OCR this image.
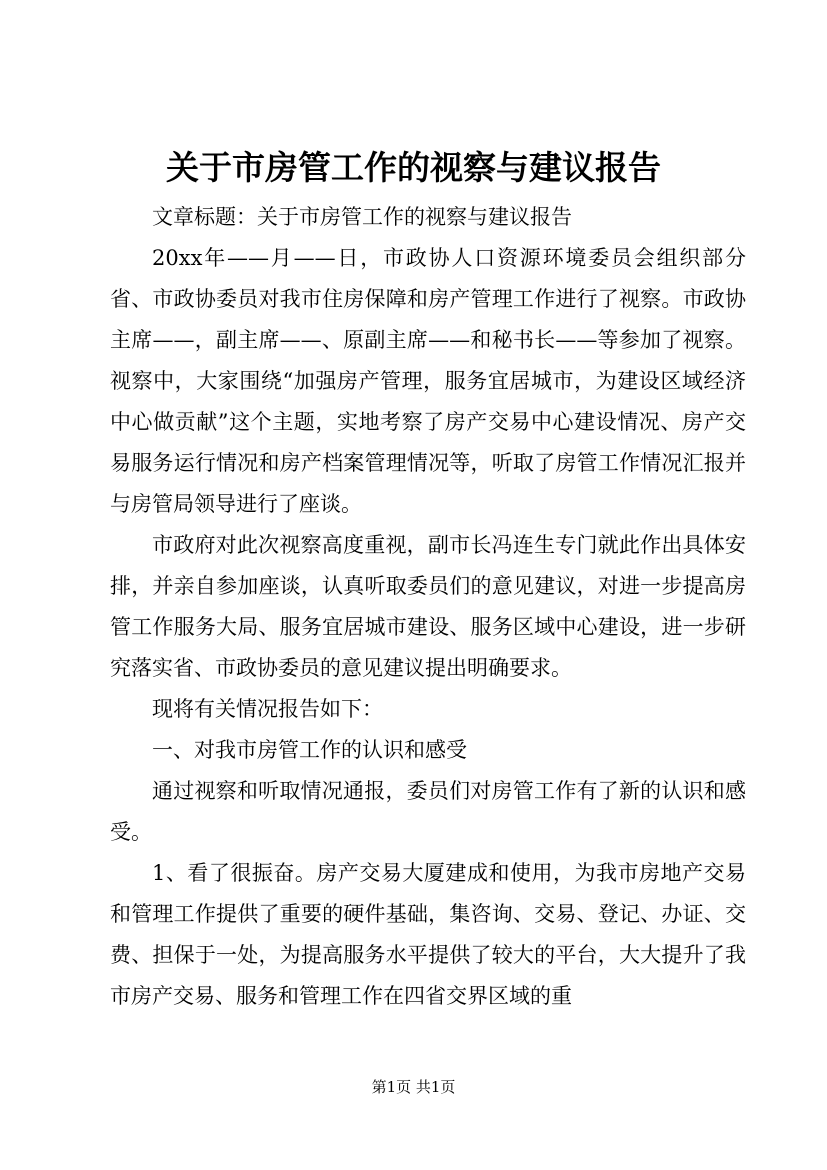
关于市房管工作的视察与建议报告

文章标题：关于市房管工作的视察与建议报告

20xx年——月——日，市政协人口资源环境委员会组织部分省、市政协委员对我市住房保障和房产管理工作进行了视察。市政协主席——，副主席——、原副主席——和秘书长——等参加了视察。视察中，大家围绕“加强房产管理，服务宜居城市，为建设区域经济中心做贡献”这个主题，实地考察了房产交易中心建设情况、房产交易服务运行情况和房产档案管理情况等，听取了房管工作情况汇报并与房管局领导进行了座谈。

市政府对此次视察高度重视，副市长冯连生专门就此作出具体安排，并亲自参加座谈，认真听取委员们的意见建议，对进一步提高房管工作服务大局、服务宜居城市建设、服务区域中心建设，进一步研究落实省、市政协委员的意见建议提出明确要求。

现将有关情况报告如下：

一、对我市房管工作的认识和感受

通过视察和听取情况通报，委员们对房管工作有了新的认识和感受。

1、看了很振奋。房产交易大厦建成和使用，为我市房地产交易和管理工作提供了重要的硬件基础，集咨询、交易、登记、办证、交费、担保于一处，为提高服务水平提供了较大的平台，大大提升了我市房产交易、服务和管理工作在四省交界区域的重

第1页 共1页
